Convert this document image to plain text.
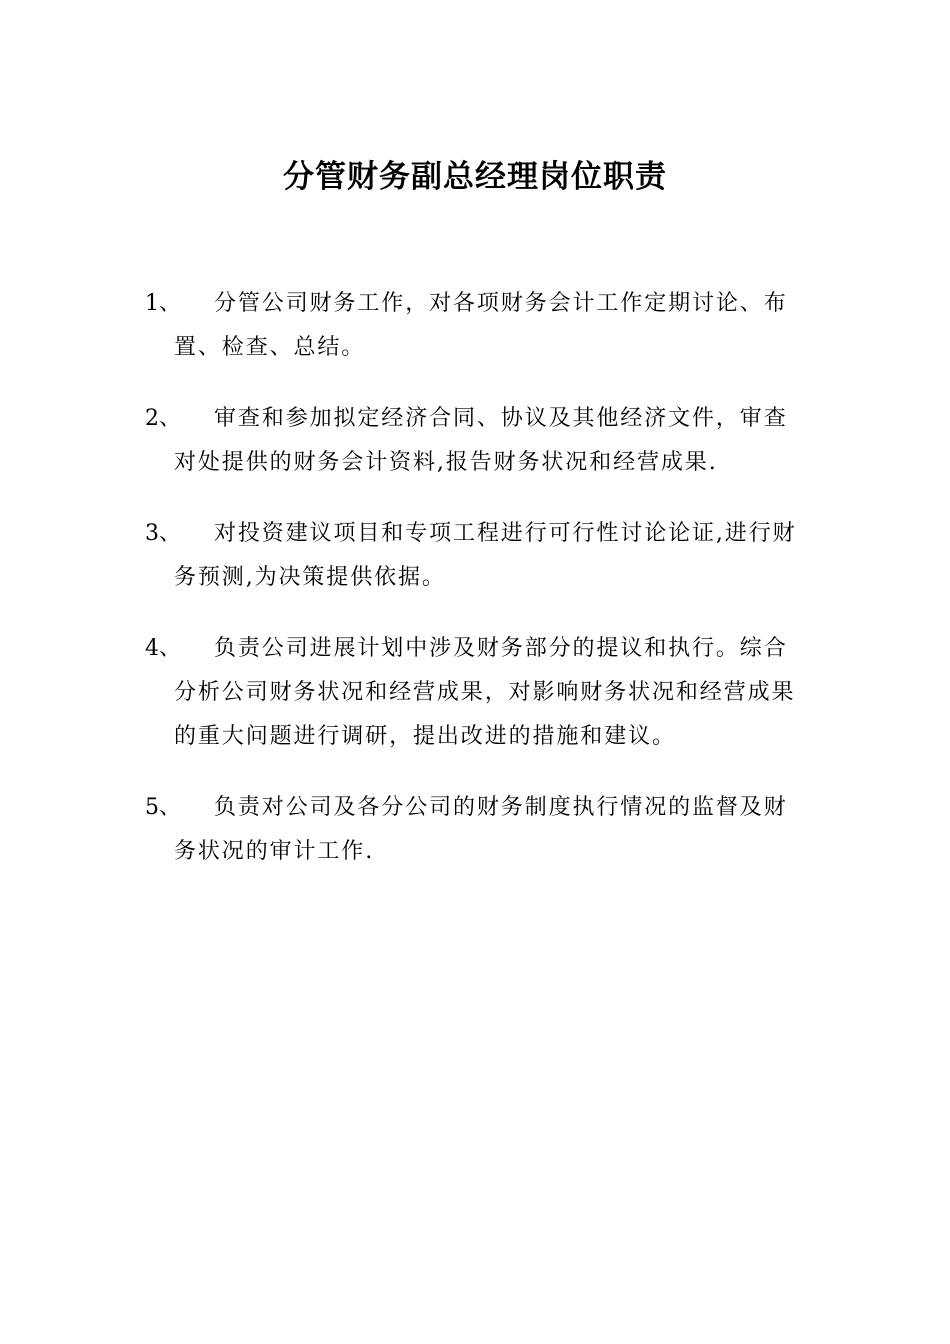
分管财务副总经理岗位职责
1、	分管公司财务工作，对各项财务会计工作定期讨论、布置、检查、总结。
2、	审查和参加拟定经济合同、协议及其他经济文件，审查对处提供的财务会计资料,报告财务状况和经营成果.
3、	对投资建议项目和专项工程进行可行性讨论论证,进行财务预测,为决策提供依据。
4、	负责公司进展计划中涉及财务部分的提议和执行。综合分析公司财务状况和经营成果，对影响财务状况和经营成果的重大问题进行调研，提出改进的措施和建议。
5、	负责对公司及各分公司的财务制度执行情况的监督及财务状况的审计工作.
